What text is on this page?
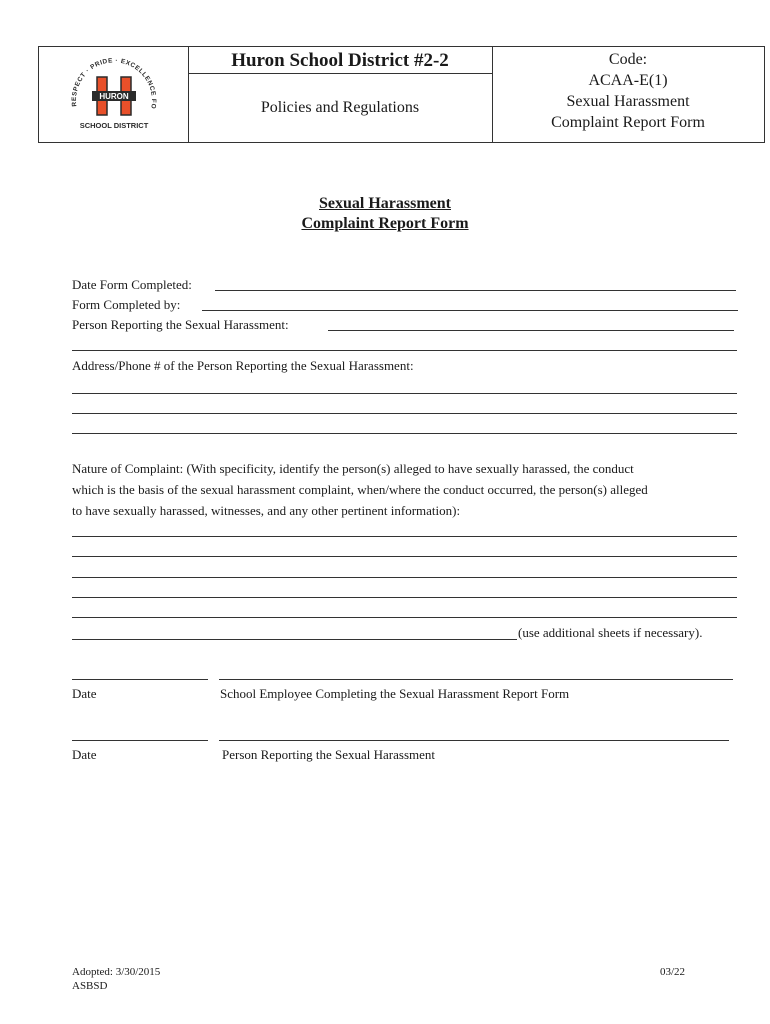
RESPECT · PRIDE · EXCELLENCE FO
HURON
SCHOOL DISTRICT
Huron School District #2-2
Policies and Regulations
Code:
ACAA-E(1)
Sexual Harassment
Complaint Report Form
Sexual Harassment
Complaint Report Form
Date Form Completed:
Form Completed by:
Person Reporting the Sexual Harassment:
Address/Phone # of the Person Reporting the Sexual Harassment:
Nature of Complaint: (With specificity, identify the person(s) alleged to have sexually harassed, the conduct
which is the basis of the sexual harassment complaint, when/where the conduct occurred, the person(s) alleged
to have sexually harassed, witnesses, and any other pertinent information):
(use additional sheets if necessary).
Date	School Employee Completing the Sexual Harassment Report Form
Date	Person Reporting the Sexual Harassment
Adopted: 3/30/2015
ASBSD
03/22
